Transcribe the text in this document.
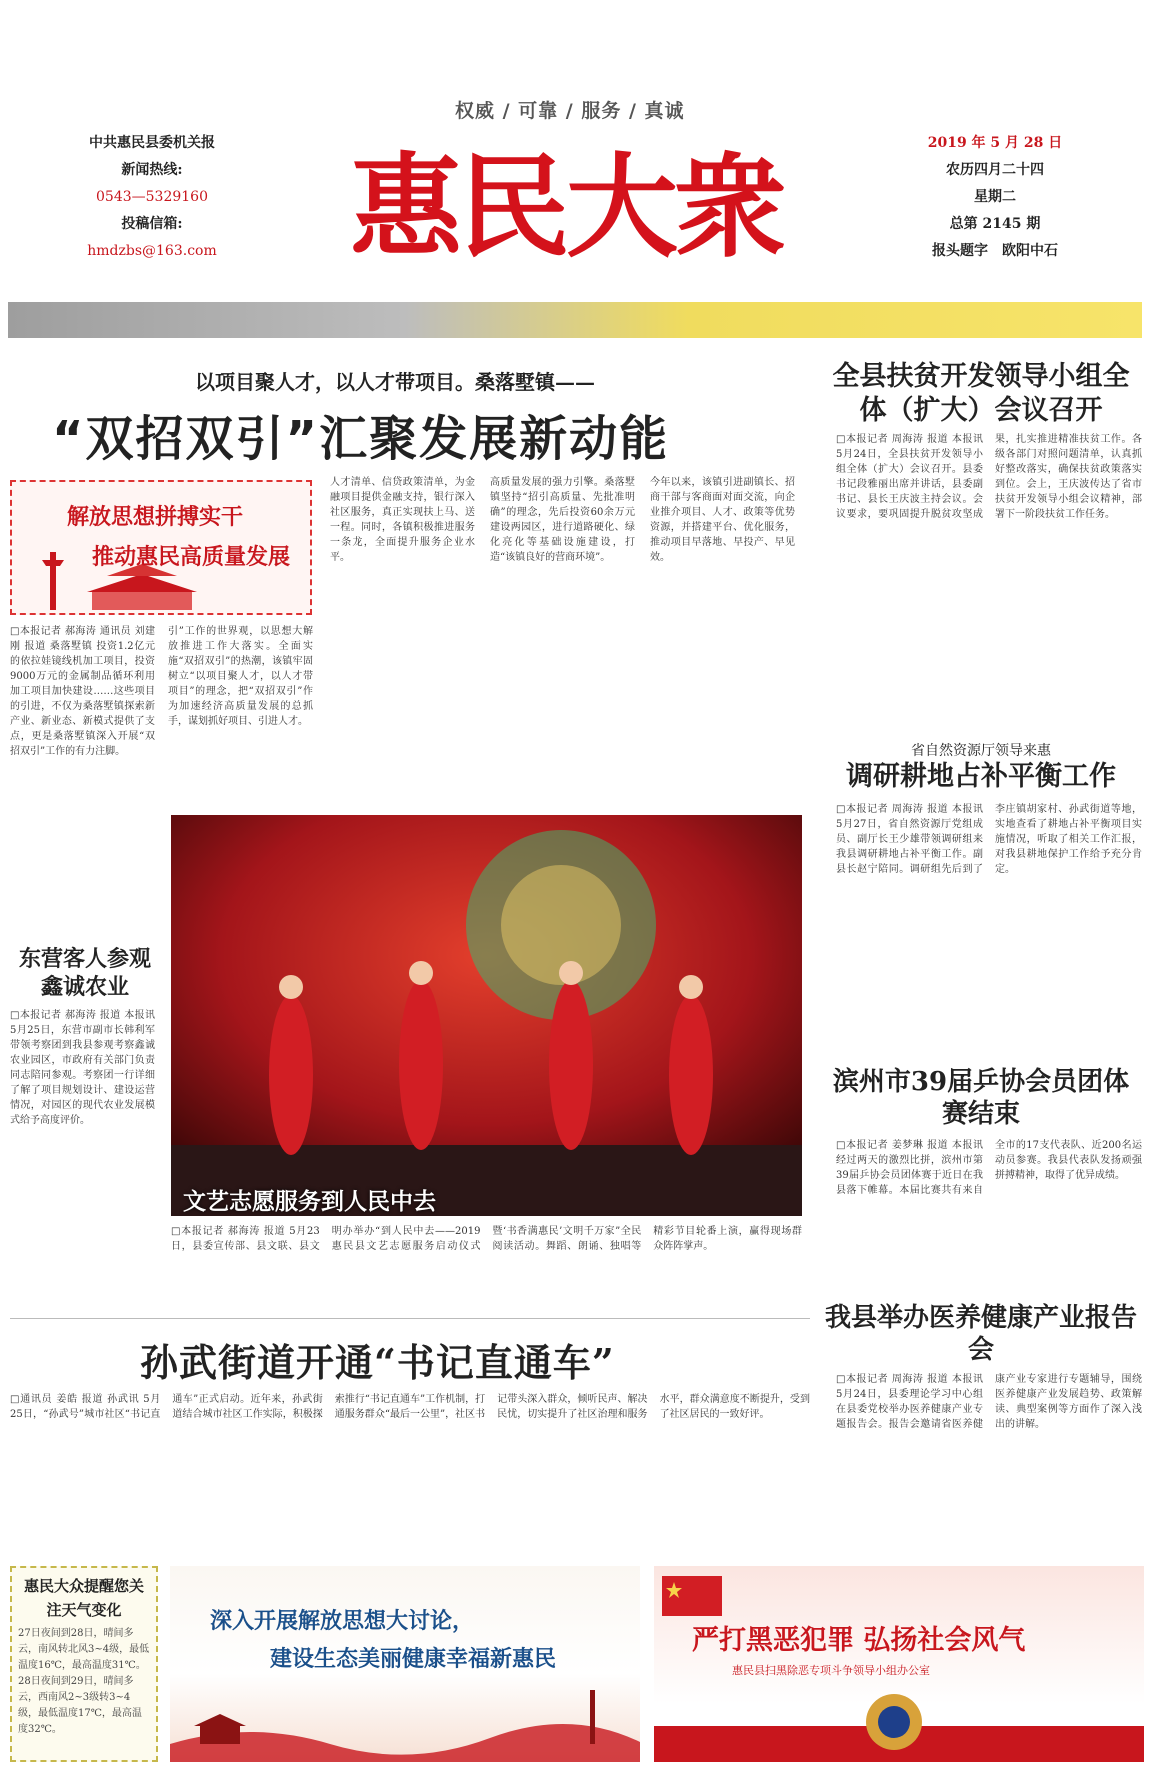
权威 / 可靠 / 服务 / 真诚
中共惠民县委机关报
新闻热线:
0543—5329160
投稿信箱:
hmdzbs@163.com 惠民大衆	2019 年 5 月 28 日
农历四月二十四
星期二
总第 2145 期
报头题字　欧阳中石
以项目聚人才，以人才带项目。桑落墅镇——
“双招双引”汇聚发展新动能
解放思想拼搏实干
推动惠民高质量发展
□本报记者 郝海涛 通讯员 刘建刚 报道 桑落墅镇 投资1.2亿元的依拉娃镜线机加工项目，投资9000万元的金属制品循环利用加工项目加快建设……这些项目的引进，不仅为桑落墅镇探索新产业、新业态、新模式提供了支点，更是桑落墅镇深入开展“双招双引”工作的有力注脚。
引”工作的世界观，以思想大解放推进工作大落实。全面实施“双招双引”的热潮，该镇牢固树立“以项目聚人才，以人才带项目”的理念，把“双招双引”作为加速经济高质量发展的总抓手，谋划抓好项目、引进人才。
人才清单、信贷政策清单，为金融项目提供金融支持，银行深入社区服务，真正实现扶上马、送一程。同时，各镇积极推进服务一条龙，全面提升服务企业水平。
高质量发展的强力引擎。桑落墅镇坚持“招引高质量、先批准明确”的理念，先后投资60余万元建设两园区，进行道路硬化、绿化亮化等基础设施建设，打造“该镇良好的营商环境”。
今年以来，该镇引进副镇长、招商干部与客商面对面交流，向企业推介项目、人才、政策等优势资源，并搭建平台、优化服务，推动项目早落地、早投产、早见效。
全县扶贫开发领导小组全体（扩大）会议召开
□本报记者 周海涛 报道 本报讯 5月24日，全县扶贫开发领导小组全体（扩大）会议召开。县委书记段雅丽出席并讲话，县委副书记、县长王庆波主持会议。会议要求，要巩固提升脱贫攻坚成果，扎实推进精准扶贫工作。各级各部门对照问题清单，认真抓好整改落实，确保扶贫政策落实到位。会上，王庆波传达了省市扶贫开发领导小组会议精神，部署下一阶段扶贫工作任务。
省自然资源厅领导来惠
调研耕地占补平衡工作
□本报记者 周海涛 报道 本报讯 5月27日，省自然资源厅党组成员、副厅长王少雄带领调研组来我县调研耕地占补平衡工作。副县长赵宁陪同。调研组先后到了李庄镇胡家村、孙武街道等地，实地查看了耕地占补平衡项目实施情况，听取了相关工作汇报，对我县耕地保护工作给予充分肯定。
东营客人参观鑫诚农业
□本报记者 郝海涛 报道 本报讯 5月25日，东营市副市长韩利军带领考察团到我县参观考察鑫诚农业园区，市政府有关部门负责同志陪同参观。考察团一行详细了解了项目规划设计、建设运营情况，对园区的现代农业发展模式给予高度评价。
文艺志愿服务到人民中去
□本报记者 郝海涛 报道 5月23日，县委宣传部、县文联、县文明办举办“到人民中去——2019惠民县文艺志愿服务启动仪式暨‘书香满惠民’文明千万家”全民阅读活动。舞蹈、朗诵、独唱等精彩节目轮番上演，赢得现场群众阵阵掌声。
滨州市39届乒协会员团体赛结束
□本报记者 姜梦琳 报道 本报讯 经过两天的激烈比拼，滨州市第39届乒协会员团体赛于近日在我县落下帷幕。本届比赛共有来自全市的17支代表队、近200名运动员参赛。我县代表队发扬顽强拼搏精神，取得了优异成绩。
孙武街道开通“书记直通车”
□通讯员 姜皓 报道 孙武讯 5月25日，“孙武号”城市社区“书记直通车”正式启动。近年来，孙武街道结合城市社区工作实际，积极探索推行“书记直通车”工作机制，打通服务群众“最后一公里”，社区书记带头深入群众，倾听民声、解决民忧，切实提升了社区治理和服务水平，群众满意度不断提升，受到了社区居民的一致好评。
我县举办医养健康产业报告会
□本报记者 周海涛 报道 本报讯 5月24日，县委理论学习中心组在县委党校举办医养健康产业专题报告会。报告会邀请省医养健康产业专家进行专题辅导，围绕医养健康产业发展趋势、政策解读、典型案例等方面作了深入浅出的讲解。
惠民大众提醒您关注天气变化
27日夜间到28日，晴间多云，南风转北风3~4级，最低温度16℃，最高温度31℃。28日夜间到29日，晴间多云，西南风2~3级转3~4级，最低温度17℃，最高温度32℃。
深入开展解放思想大讨论，
建设生态美丽健康幸福新惠民
严打黑恶犯罪 弘扬社会风气
惠民县扫黑除恶专项斗争领导小组办公室
